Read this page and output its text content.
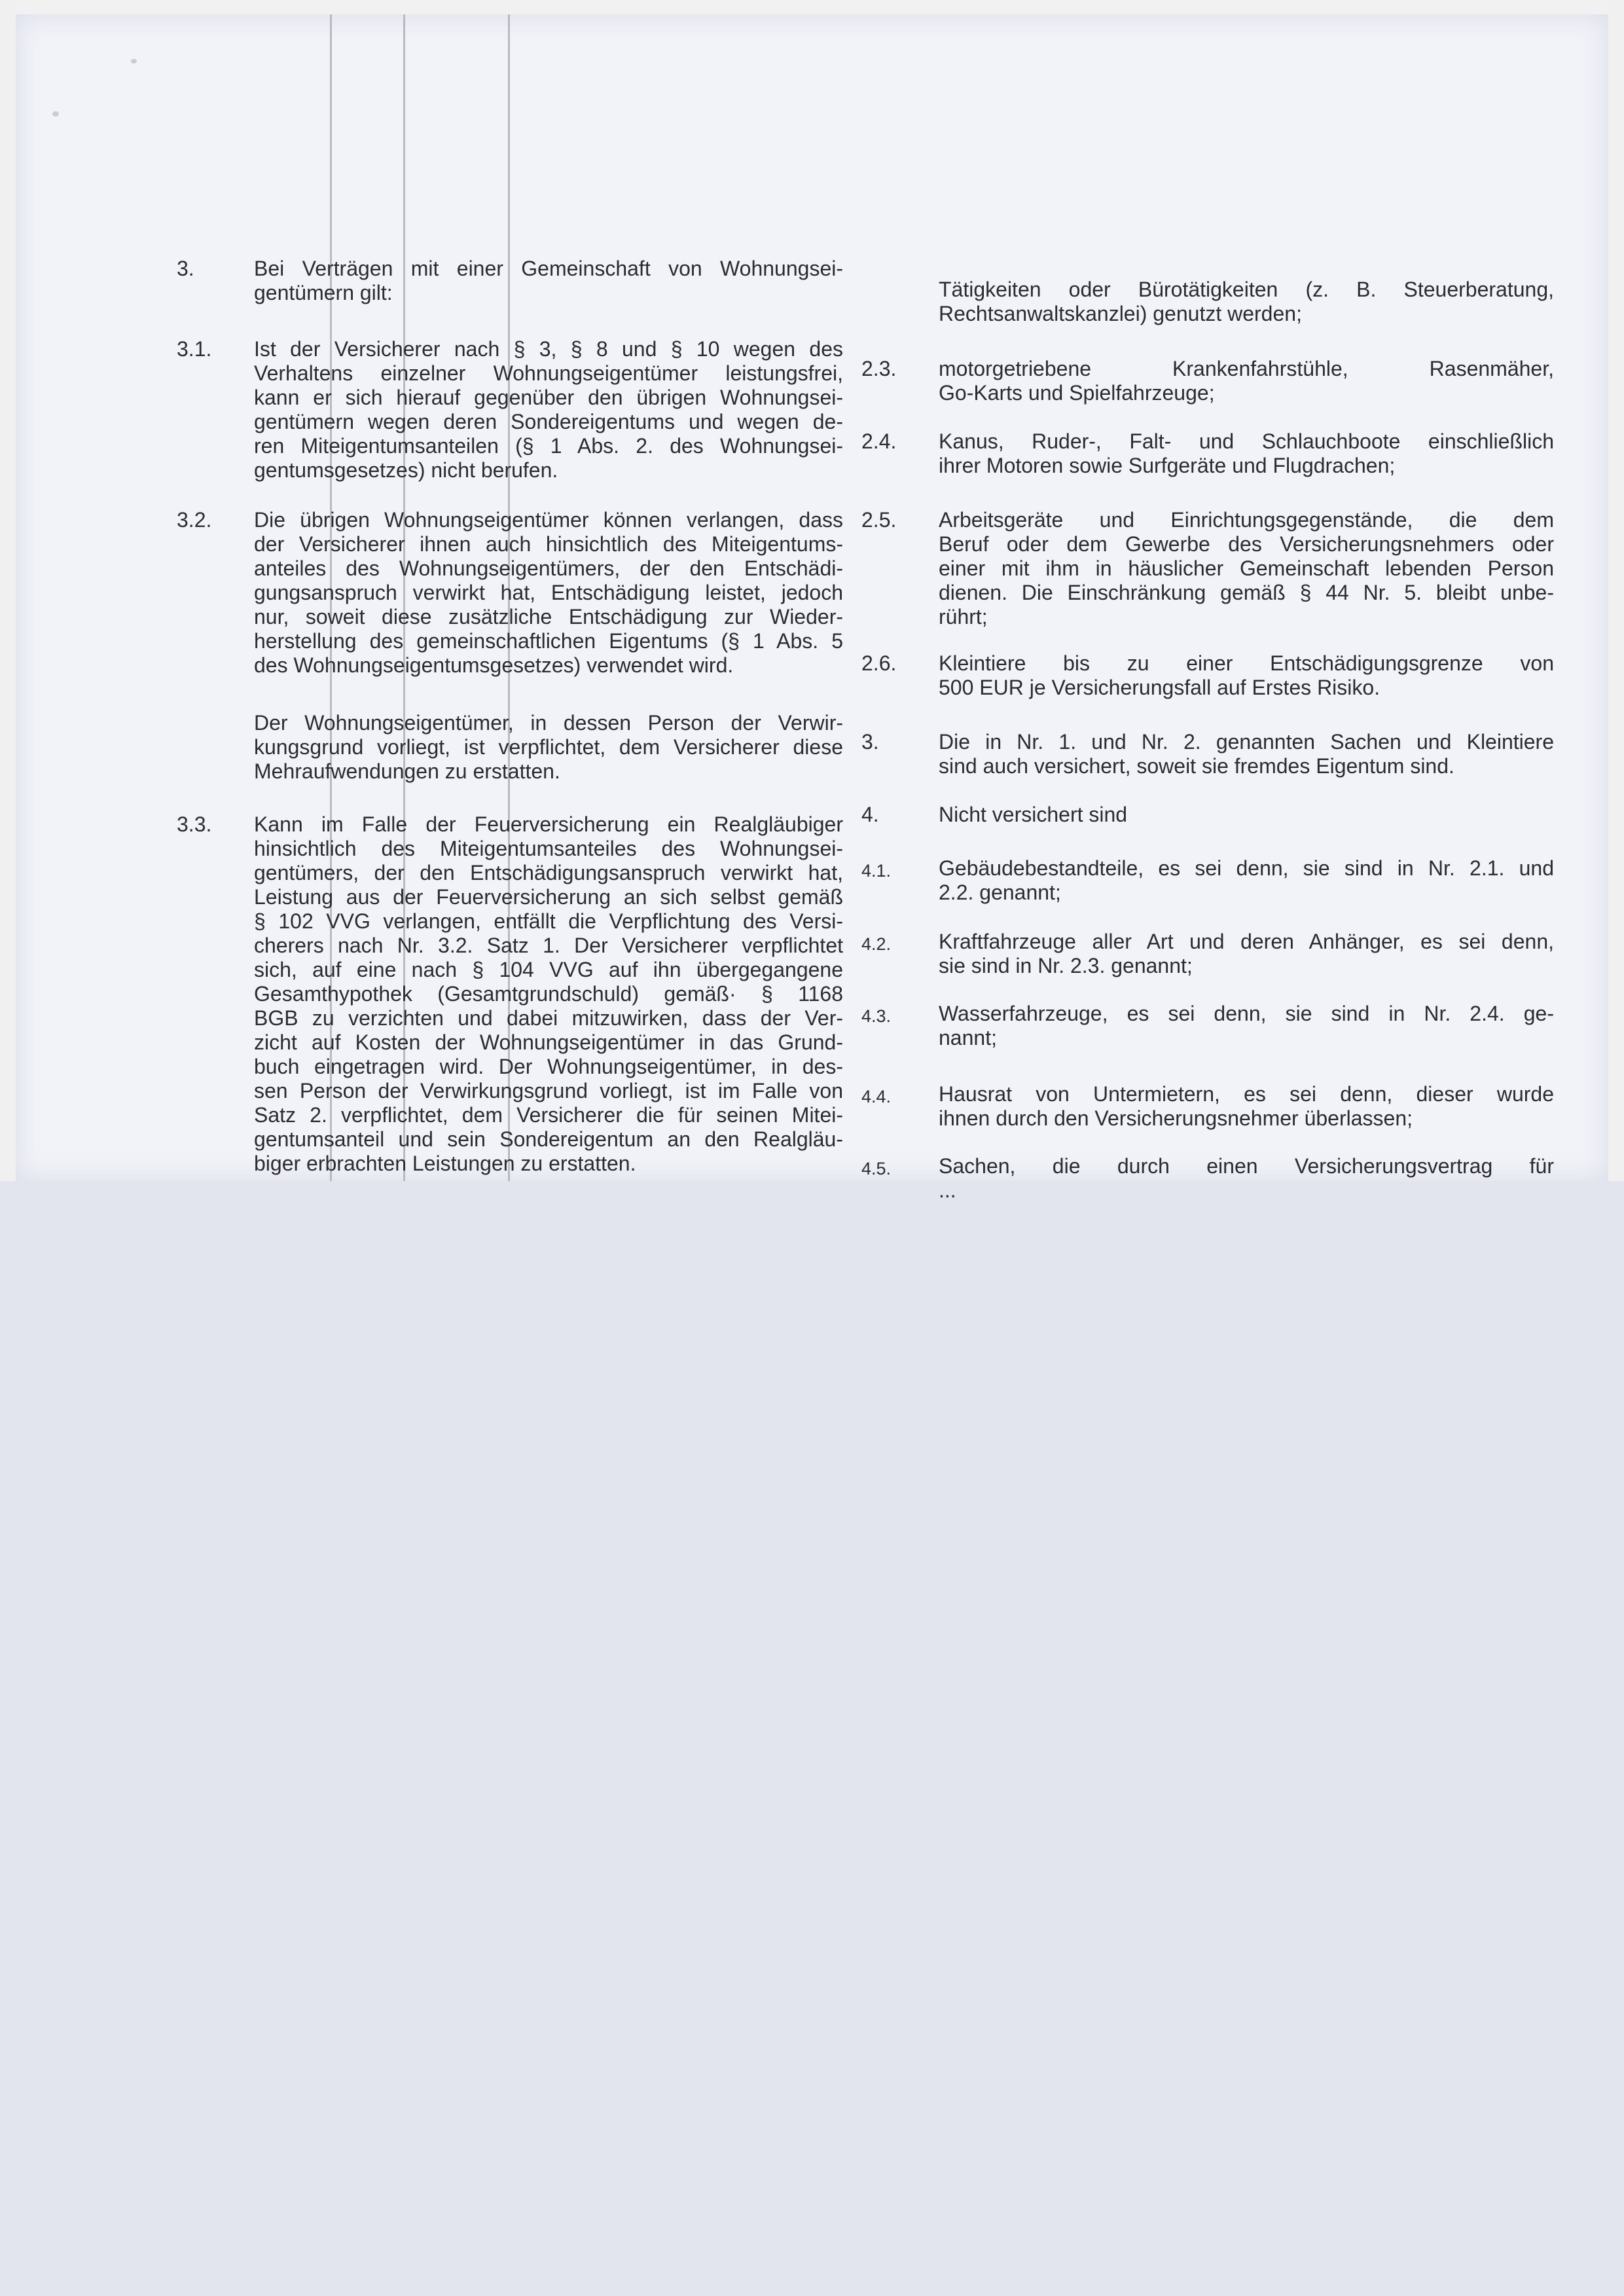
3.	Bei Verträgen mit einer Gemeinschaft von Wohnungsei-
gentümern gilt:
3.1. Ist der Versicherer nach § 3, § 8 und § 10 wegen des
Verhaltens einzelner Wohnungseigentümer leistungsfrei,
kann er sich hierauf gegenüber den übrigen Wohnungsei-
gentümern wegen deren Sondereigentums und wegen de-
ren Miteigentumsanteilen (§ 1 Abs. 2. des Wohnungsei-
gentumsgesetzes) nicht berufen.
3.2. Die übrigen Wohnungseigentümer können verlangen, dass
der Versicherer ihnen auch hinsichtlich des Miteigentums-
anteiles des Wohnungseigentümers, der den Entschädi-
gungsanspruch verwirkt hat, Entschädigung leistet, jedoch
nur, soweit diese zusätzliche Entschädigung zur Wieder-
herstellung des gemeinschaftlichen Eigentums (§ 1 Abs. 5
des Wohnungseigentumsgesetzes) verwendet wird.
Der Wohnungseigentümer, in dessen Person der Verwir-
kungsgrund vorliegt, ist verpflichtet, dem Versicherer diese
Mehraufwendungen zu erstatten.
3.3. Kann im Falle der Feuerversicherung ein Realgläubiger
hinsichtlich des Miteigentumsanteiles des Wohnungsei-
gentümers, der den Entschädigungsanspruch verwirkt hat,
Leistung aus der Feuerversicherung an sich selbst gemäß
§ 102 VVG verlangen, entfällt die Verpflichtung des Versi-
cherers nach Nr. 3.2. Satz 1. Der Versicherer verpflichtet
sich, auf eine nach § 104 VVG auf ihn übergegangene
Gesamthypothek (Gesamtgrundschuld) gemäß· § 1168
BGB zu verzichten und dabei mitzuwirken, dass der Ver-
zicht auf Kosten der Wohnungseigentümer in das Grund-
buch eingetragen wird. Der Wohnungseigentümer, in des-
sen Person der Verwirkungsgrund vorliegt, ist im Falle von
Satz 2. verpflichtet, dem Versicherer die für seinen Mitei-
gentumsanteil und sein Sondereigentum an den Realgläu-
biger erbrachten Leistungen zu erstatten.
Tätigkeiten oder Bürotätigkeiten (z. B. Steuerberatung,
Rechtsanwaltskanzlei) genutzt werden;
2.3. motorgetriebene Krankenfahrstühle, Rasenmäher,
Go-Karts und Spielfahrzeuge;
2.4. Kanus, Ruder-, Falt- und Schlauchboote einschließlich
ihrer Motoren sowie Surfgeräte und Flugdrachen;
2.5. Arbeitsgeräte und Einrichtungsgegenstände, die dem
Beruf oder dem Gewerbe des Versicherungsnehmers oder
einer mit ihm in häuslicher Gemeinschaft lebenden Person
dienen. Die Einschränkung gemäß § 44 Nr. 5. bleibt unbe-
rührt;
2.6. Kleintiere bis zu einer Entschädigungsgrenze von
500 EUR je Versicherungsfall auf Erstes Risiko.
3.	Die in Nr. 1. und Nr. 2. genannten Sachen und Kleintiere
sind auch versichert, soweit sie fremdes Eigentum sind.
4.	Nicht versichert sind
4.1. Gebäudebestandteile, es sei denn, sie sind in Nr. 2.1. und
2.2. genannt;
4.2. Kraftfahrzeuge aller Art und deren Anhänger, es sei denn,
sie sind in Nr. 2.3. genannt;
4.3. Wasserfahrzeuge, es sei denn, sie sind in Nr. 2.4. ge-
nannt;
4.4. Hausrat von Untermietern, es sei denn, dieser wurde
ihnen durch den Versicherungsnehmer überlassen;
4.5. Sachen, die durch einen Versicherungsvertrag für
...
